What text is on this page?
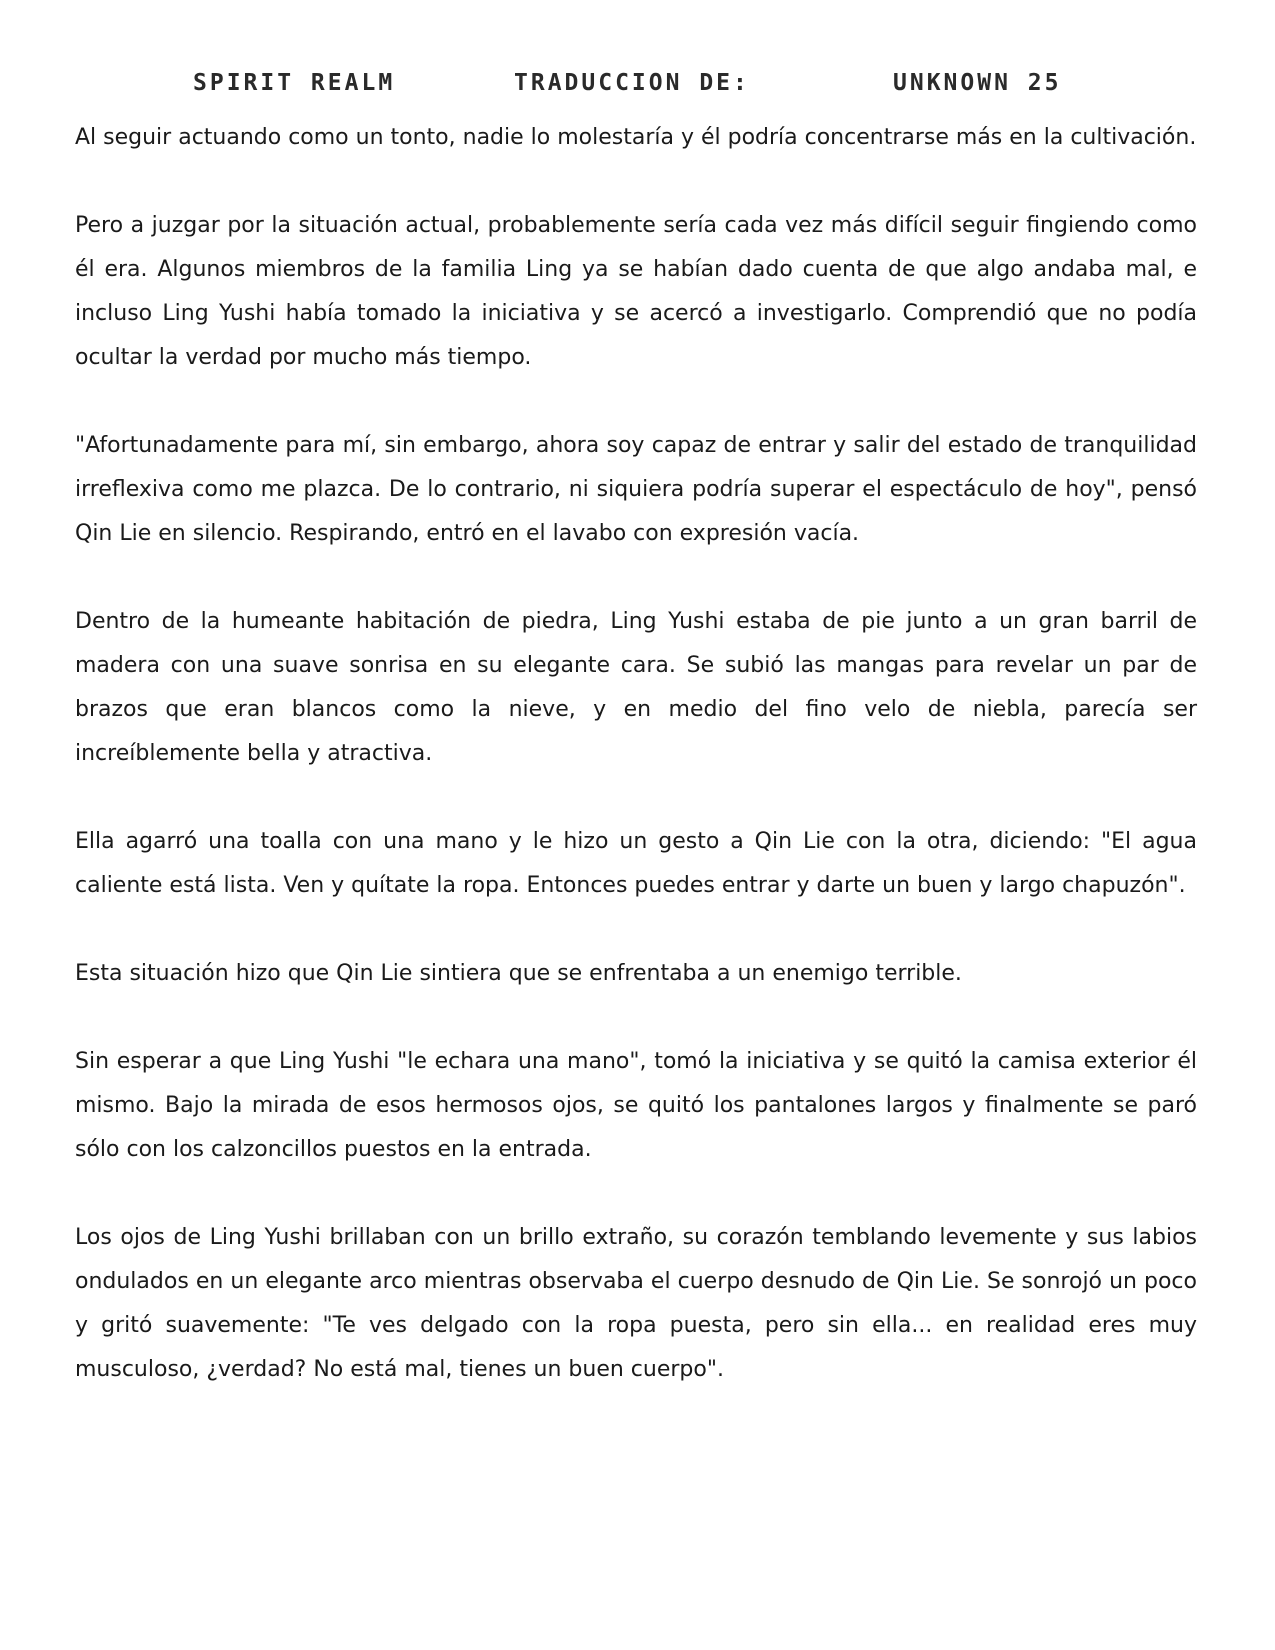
SPIRIT REALM	TRADUCCION DE:	UNKNOWN 25

Al seguir actuando como un tonto, nadie lo molestaría y él podría concentrarse más en la cultivación.

Pero a juzgar por la situación actual, probablemente sería cada vez más difícil seguir fingiendo como él era. Algunos miembros de la familia Ling ya se habían dado cuenta de que algo andaba mal, e incluso Ling Yushi había tomado la iniciativa y se acercó a investigarlo. Comprendió que no podía ocultar la verdad por mucho más tiempo.

"Afortunadamente para mí, sin embargo, ahora soy capaz de entrar y salir del estado de tranquilidad irreflexiva como me plazca. De lo contrario, ni siquiera podría superar el espectáculo de hoy", pensó Qin Lie en silencio. Respirando, entró en el lavabo con expresión vacía.

Dentro de la humeante habitación de piedra, Ling Yushi estaba de pie junto a un gran barril de madera con una suave sonrisa en su elegante cara. Se subió las mangas para revelar un par de brazos que eran blancos como la nieve, y en medio del fino velo de niebla, parecía ser increíblemente bella y atractiva.

Ella agarró una toalla con una mano y le hizo un gesto a Qin Lie con la otra, diciendo: "El agua caliente está lista. Ven y quítate la ropa. Entonces puedes entrar y darte un buen y largo chapuzón".

Esta situación hizo que Qin Lie sintiera que se enfrentaba a un enemigo terrible.

Sin esperar a que Ling Yushi "le echara una mano", tomó la iniciativa y se quitó la camisa exterior él mismo. Bajo la mirada de esos hermosos ojos, se quitó los pantalones largos y finalmente se paró sólo con los calzoncillos puestos en la entrada.

Los ojos de Ling Yushi brillaban con un brillo extraño, su corazón temblando levemente y sus labios ondulados en un elegante arco mientras observaba el cuerpo desnudo de Qin Lie. Se sonrojó un poco y gritó suavemente: "Te ves delgado con la ropa puesta, pero sin ella... en realidad eres muy musculoso, ¿verdad? No está mal, tienes un buen cuerpo".
